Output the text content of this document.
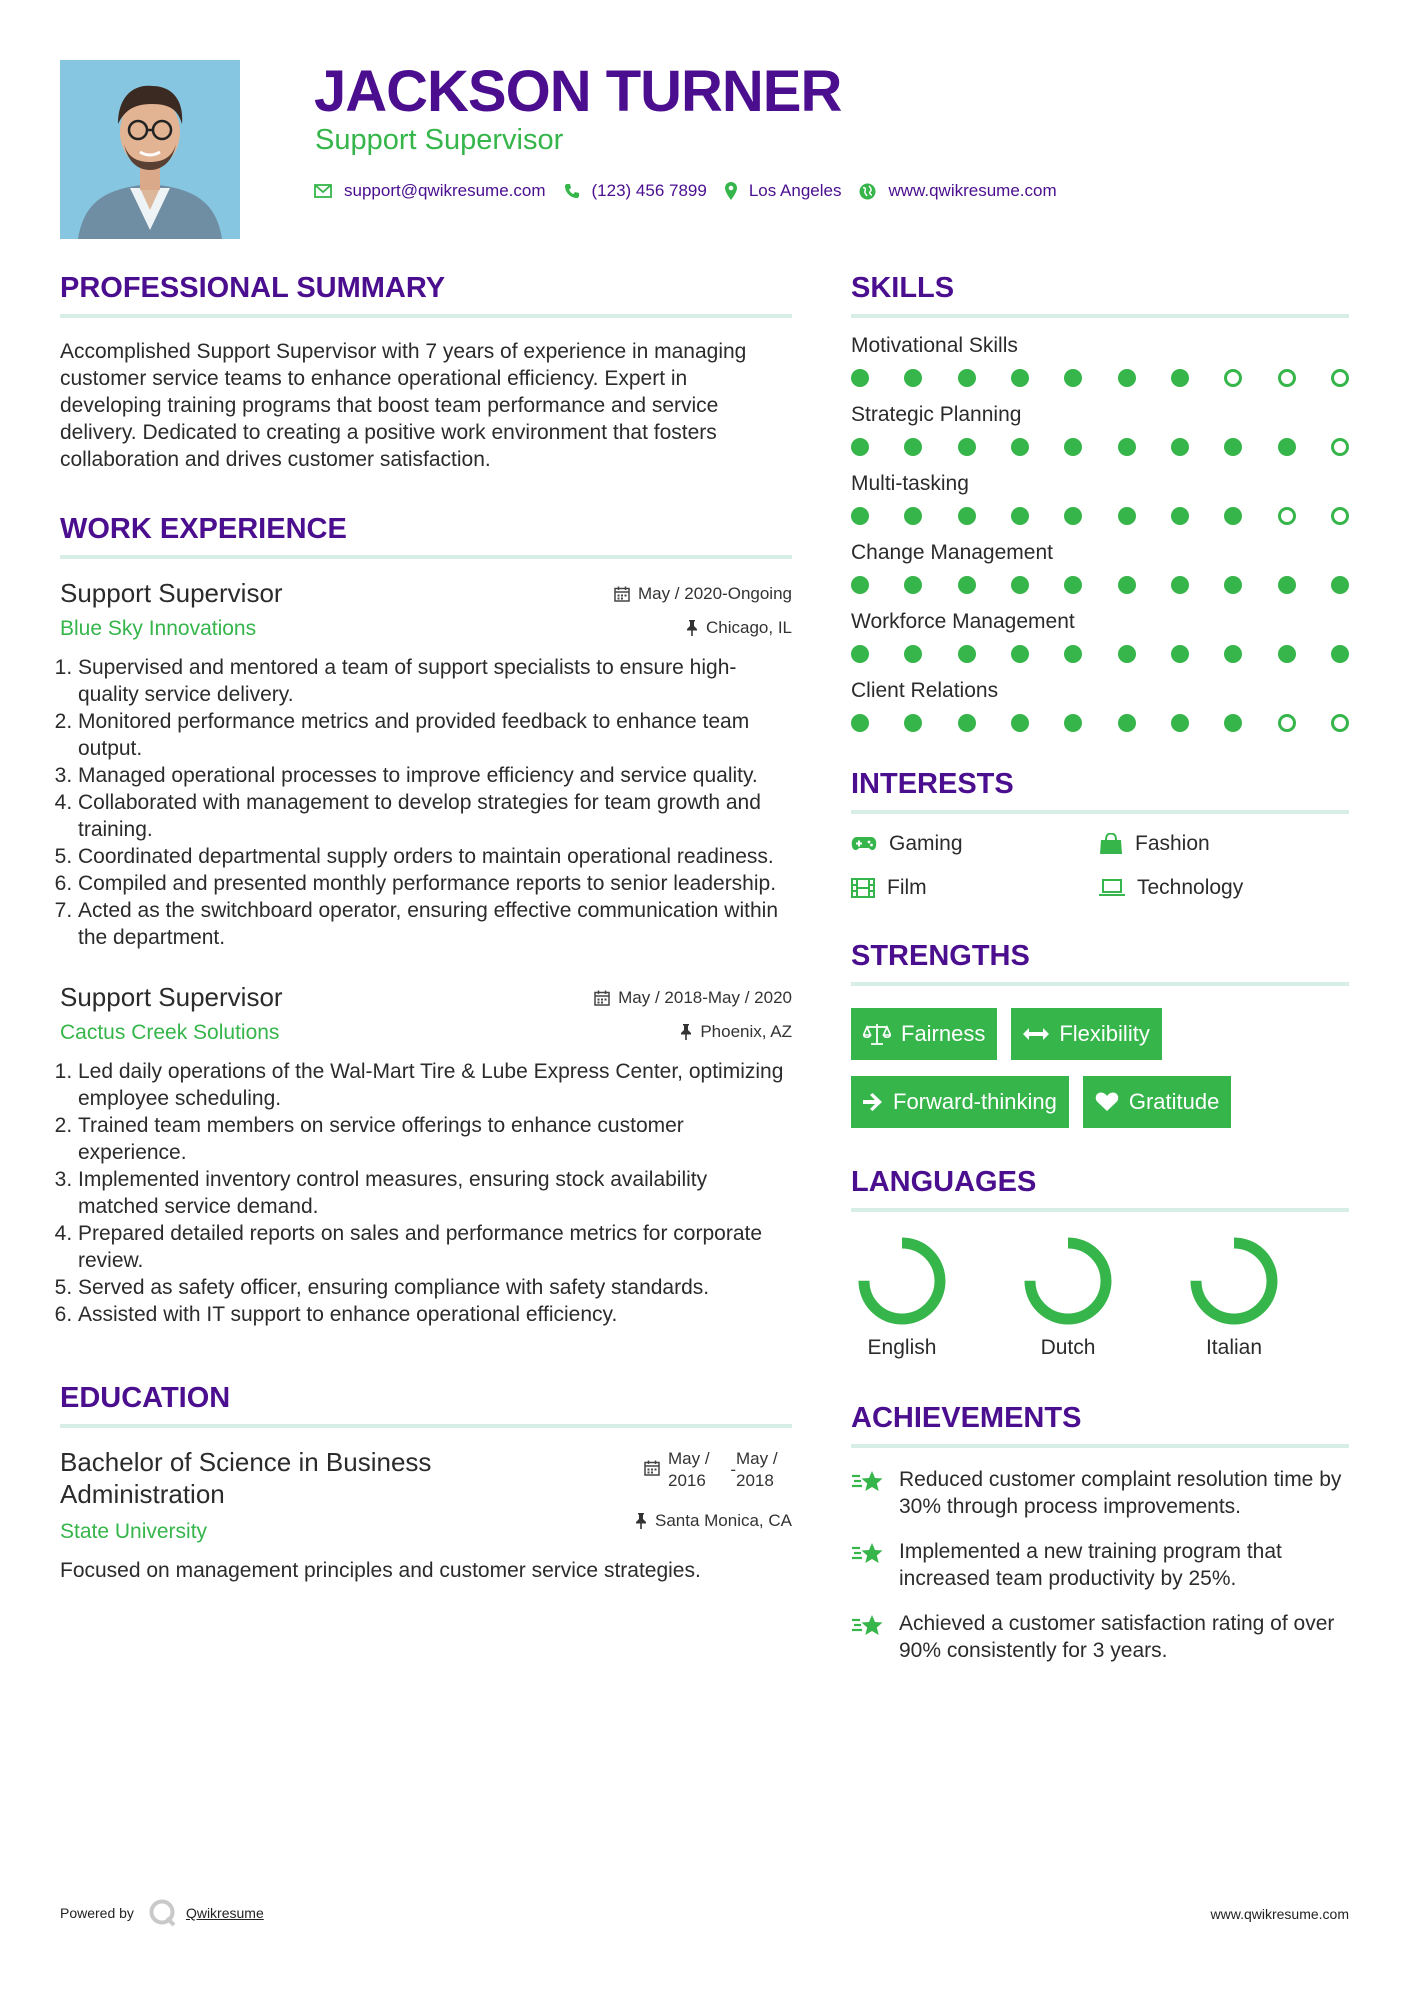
JACKSON TURNER
Support Supervisor
support@qwikresume.com	(123) 456 7899 Los Angeles	www.qwikresume.com
PROFESSIONAL SUMMARY

Accomplished Support Supervisor with 7 years of experience in managing customer service teams to enhance operational efficiency. Expert in developing training programs that boost team performance and service delivery. Dedicated to creating a positive work environment that fosters collaboration and drives customer satisfaction.

WORK EXPERIENCE
Support Supervisor
Blue Sky Innovations
May / 2020-Ongoing
Chicago, IL
1. Supervised and mentored a team of support specialists to ensure high-quality service delivery.
2. Monitored performance metrics and provided feedback to enhance team output.
3. Managed operational processes to improve efficiency and service quality.
4. Collaborated with management to develop strategies for team growth and training.
5. Coordinated departmental supply orders to maintain operational readiness.
6. Compiled and presented monthly performance reports to senior leadership.
7. Acted as the switchboard operator, ensuring effective communication within the department.
Support Supervisor
Cactus Creek Solutions
May / 2018-May / 2020
Phoenix, AZ
1. Led daily operations of the Wal-Mart Tire & Lube Express Center, optimizing employee scheduling.
2. Trained team members on service offerings to enhance customer experience.
3. Implemented inventory control measures, ensuring stock availability matched service demand.
4. Prepared detailed reports on sales and performance metrics for corporate review.
5. Served as safety officer, ensuring compliance with safety standards.
6. Assisted with IT support to enhance operational efficiency.
EDUCATION
Bachelor of Science in Business Administration
State University
May /
2016
-
May /
2018
Santa Monica, CA

Focused on management principles and customer service strategies.

SKILLS
Motivational Skills
Strategic Planning
Multi-tasking
Change Management
Workforce Management
Client Relations
INTERESTS
Gaming	Fashion
Film	Technology
STRENGTHS
Fairness	Flexibility
Forward-thinking	Gratitude
LANGUAGES
English	Dutch	Italian
ACHIEVEMENTS
Reduced customer complaint resolution time by 30% through process improvements.
Implemented a new training program that increased team productivity by 25%.
Achieved a customer satisfaction rating of over 90% consistently for 3 years.
Powered by	Qwikresume	www.qwikresume.com
